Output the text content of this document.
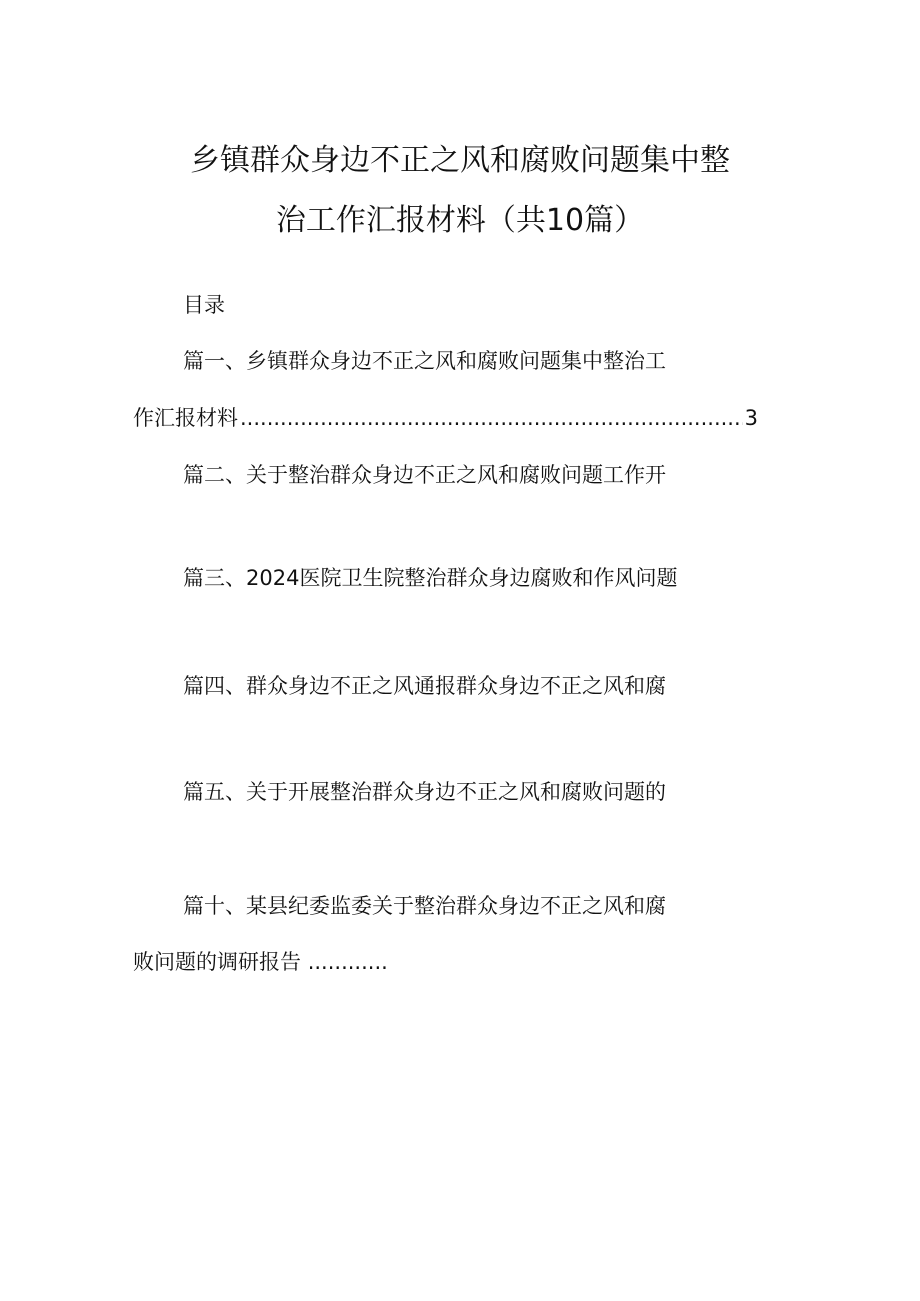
乡镇群众身边不正之风和腐败问题集中整
治工作汇报材料（共10篇）
目录
篇一、乡镇群众身边不正之风和腐败问题集中整治工
作汇报材料
.....	3
篇二、关于整治群众身边不正之风和腐败问题工作开
篇三、2024医院卫生院整治群众身边腐败和作风问题
篇四、群众身边不正之风通报群众身边不正之风和腐
篇五、关于开展整治群众身边不正之风和腐败问题的
篇十、某县纪委监委关于整治群众身边不正之风和腐
败问题的调研报告 ............
